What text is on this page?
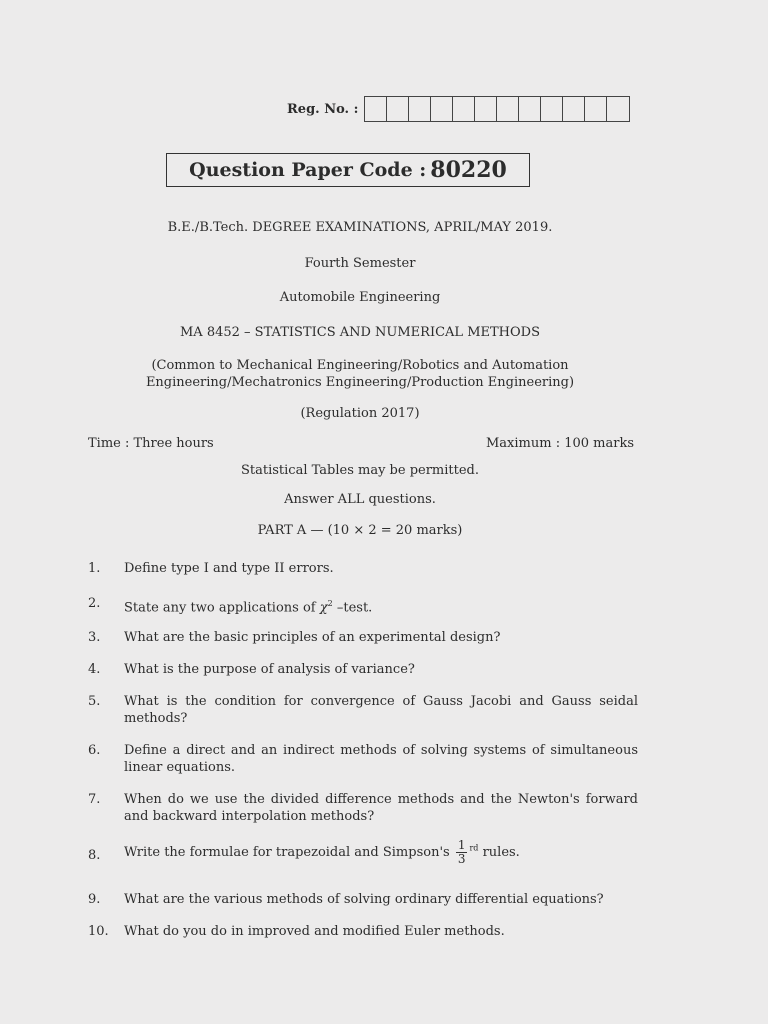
Reg. No. :
Question Paper Code : 80220
B.E./B.Tech. DEGREE EXAMINATIONS, APRIL/MAY 2019.
Fourth Semester
Automobile Engineering
MA 8452 – STATISTICS AND NUMERICAL METHODS
(Common to Mechanical Engineering/Robotics and Automation
Engineering/Mechatronics Engineering/Production Engineering)
(Regulation 2017)
Time : Three hours	Maximum : 100 marks
Statistical Tables may be permitted.
Answer ALL questions.
PART A — (10 × 2 = 20 marks)
1.	Define type I and type II errors.
2.	State any two applications of $\chi^2$ –test.
3.	What are the basic principles of an experimental design?
4.	What is the purpose of analysis of variance?
5.	What is the condition for convergence of Gauss Jacobi and Gauss seidal methods?
6.	Define a direct and an indirect methods of solving systems of simultaneous linear equations.
7.	When do we use the divided difference methods and the Newton's forward and backward interpolation methods?
8.	Write the formulae for trapezoidal and Simpson's $\frac{1}{3} ^{rd}$ rules.
9.	What are the various methods of solving ordinary differential equations?
10.	What do you do in improved and modified Euler methods.
